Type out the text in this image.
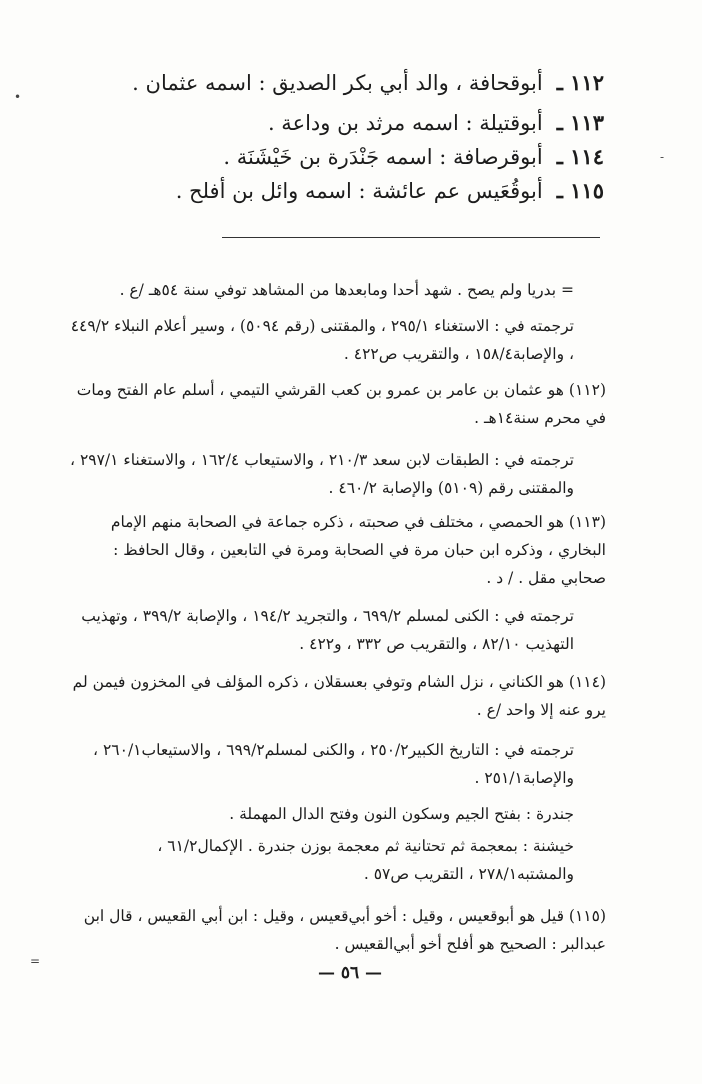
١١٢ ـأبوقحافة ، والد أبي بكر الصديق : اسمه عثمان .
١١٣ ـأبوقتيلة : اسمه مرثد بن وداعة .
١١٤ ـأبوقرصافة : اسمه جَنْدَرة بن خَيْشَنَة .
١١٥ ـأبوقُعَيس عم عائشة : اسمه وائل بن أفلح .
= بدريا ولم يصح . شهد أحدا ومابعدها من المشاهد توفي سنة ٥٤هـ /ع .
ترجمته في : الاستغناء ٢٩٥/١ ، والمقتنى (رقم ٥٠٩٤) ، وسير أعلام النبلاء ٤٤٩/٢ ، والإصابة١٥٨/٤ ، والتقريب ص٤٢٢ .
(١١٢) هو عثمان بن عامر بن عمرو بن كعب القرشي التيمي ، أسلم عام الفتح ومات في محرم سنة١٤هـ .
ترجمته في : الطبقات لابن سعد ٢١٠/٣ ، والاستيعاب ١٦٢/٤ ، والاستغناء ٢٩٧/١ ، والمقتنى رقم (٥١٠٩) والإصابة ٤٦٠/٢ .
(١١٣) هو الحمصي ، مختلف في صحبته ، ذكره جماعة في الصحابة منهم الإمام البخاري ، وذكره ابن حبان مرة في الصحابة ومرة في التابعين ، وقال الحافظ : صحابي مقل . / د .
ترجمته في : الكنى لمسلم ٦٩٩/٢ ، والتجريد ١٩٤/٢ ، والإصابة ٣٩٩/٢ ، وتهذيب التهذيب ٨٢/١٠ ، والتقريب ص ٣٣٢ ، و٤٢٢ .
(١١٤) هو الكناني ، نزل الشام وتوفي بعسقلان ، ذكره المؤلف في المخزون فيمن لم يرو عنه إلا واحد /ع .
ترجمته في : التاريخ الكبير٢٥٠/٢ ، والكنى لمسلم٦٩٩/٢ ، والاستيعاب٢٦٠/١ ، والإصابة٢٥١/١ .
جندرة : بفتح الجيم وسكون النون وفتح الدال المهملة .
خيشنة : بمعجمة ثم تحتانية ثم معجمة بوزن جندرة . الإكمال٦١/٢ ، والمشتبه٢٧٨/١ ، التقريب ص٥٧ .
(١١٥) قيل هو أبوقعيس ، وقيل : أخو أبي‌قعيس ، وقيل : ابن أبي القعيس ، قال ابن عبدالبر : الصحيح هو أفلح أخو أبي‌القعيس .
— ٥٦ —
•
-
=
